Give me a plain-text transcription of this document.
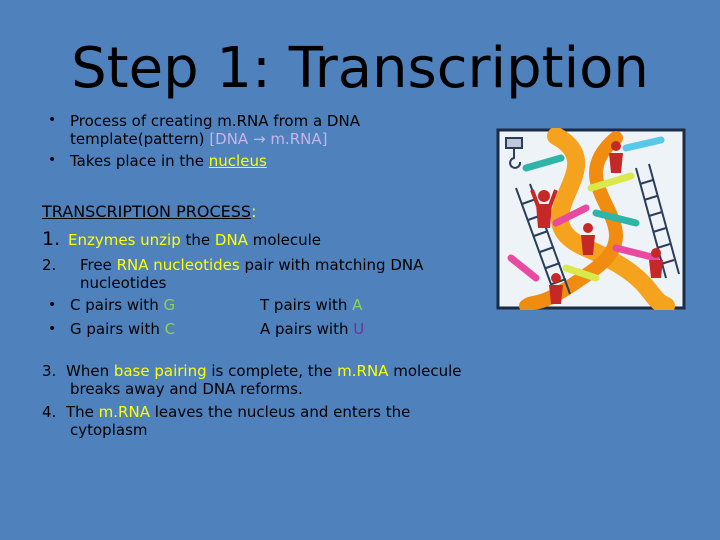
Step 1: Transcription
• Process of creating m.RNA from a DNA
template(pattern) [DNA → m.RNA]
• Takes place in the nucleus
TRANSCRIPTION PROCESS:
1. Enzymes unzip the DNA molecule
2. Free RNA nucleotides pair with matching DNA
nucleotides
• C pairs with G	T pairs with A
• G pairs with C	A pairs with U
3. When base pairing is complete, the m.RNA molecule
breaks away and DNA reforms.
4. The m.RNA leaves the nucleus and enters the
cytoplasm
